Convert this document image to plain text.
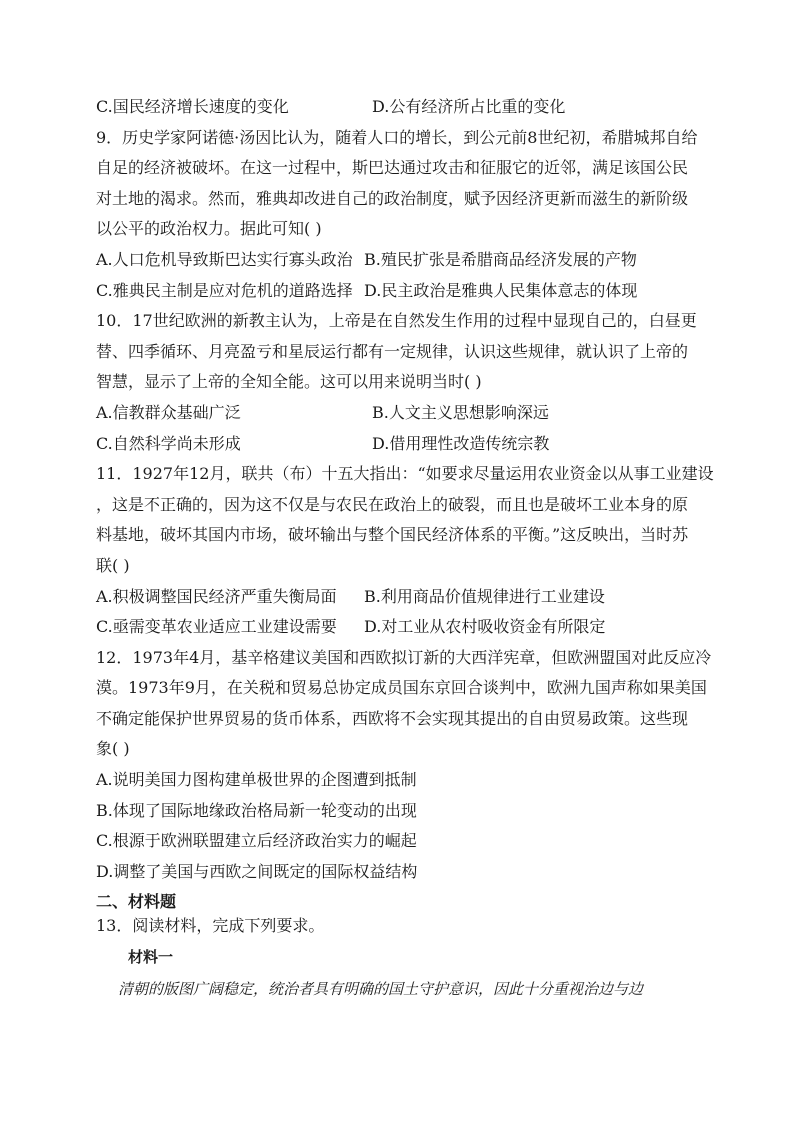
C.国民经济增长速度的变化	D.公有经济所占比重的变化
9．历史学家阿诺德·汤因比认为，随着人口的增长，到公元前8世纪初，希腊城邦自给
自足的经济被破坏。在这一过程中，斯巴达通过攻击和征服它的近邻，满足该国公民
对土地的渴求。然而，雅典却改进自己的政治制度，赋予因经济更新而滋生的新阶级
以公平的政治权力。据此可知( )
A.人口危机导致斯巴达实行寡头政治 B.殖民扩张是希腊商品经济发展的产物
C.雅典民主制是应对危机的道路选择 D.民主政治是雅典人民集体意志的体现
10．17世纪欧洲的新教主认为，上帝是在自然发生作用的过程中显现自己的，白昼更
替、四季循环、月亮盈亏和星辰运行都有一定规律，认识这些规律，就认识了上帝的
智慧，显示了上帝的全知全能。这可以用来说明当时( )
A.信教群众基础广泛	B.人文主义思想影响深远
C.自然科学尚未形成	D.借用理性改造传统宗教
11．1927年12月，联共（布）十五大指出：“如要求尽量运用农业资金以从事工业建设
，这是不正确的，因为这不仅是与农民在政治上的破裂，而且也是破坏工业本身的原
料基地，破坏其国内市场，破坏输出与整个国民经济体系的平衡。”这反映出，当时苏
联( )
A.积极调整国民经济严重失衡局面	B.利用商品价值规律进行工业建设
C.亟需变革农业适应工业建设需要	D.对工业从农村吸收资金有所限定
12．1973年4月，基辛格建议美国和西欧拟订新的大西洋宪章，但欧洲盟国对此反应冷
漠。1973年9月，在关税和贸易总协定成员国东京回合谈判中，欧洲九国声称如果美国
不确定能保护世界贸易的货币体系，西欧将不会实现其提出的自由贸易政策。这些现
象( )
A.说明美国力图构建单极世界的企图遭到抵制
B.体现了国际地缘政治格局新一轮变动的出现
C.根源于欧洲联盟建立后经济政治实力的崛起
D.调整了美国与西欧之间既定的国际权益结构
二、材料题
13．阅读材料，完成下列要求。
材料一
清朝的版图广阔稳定，统治者具有明确的国土守护意识，因此十分重视治边与边
